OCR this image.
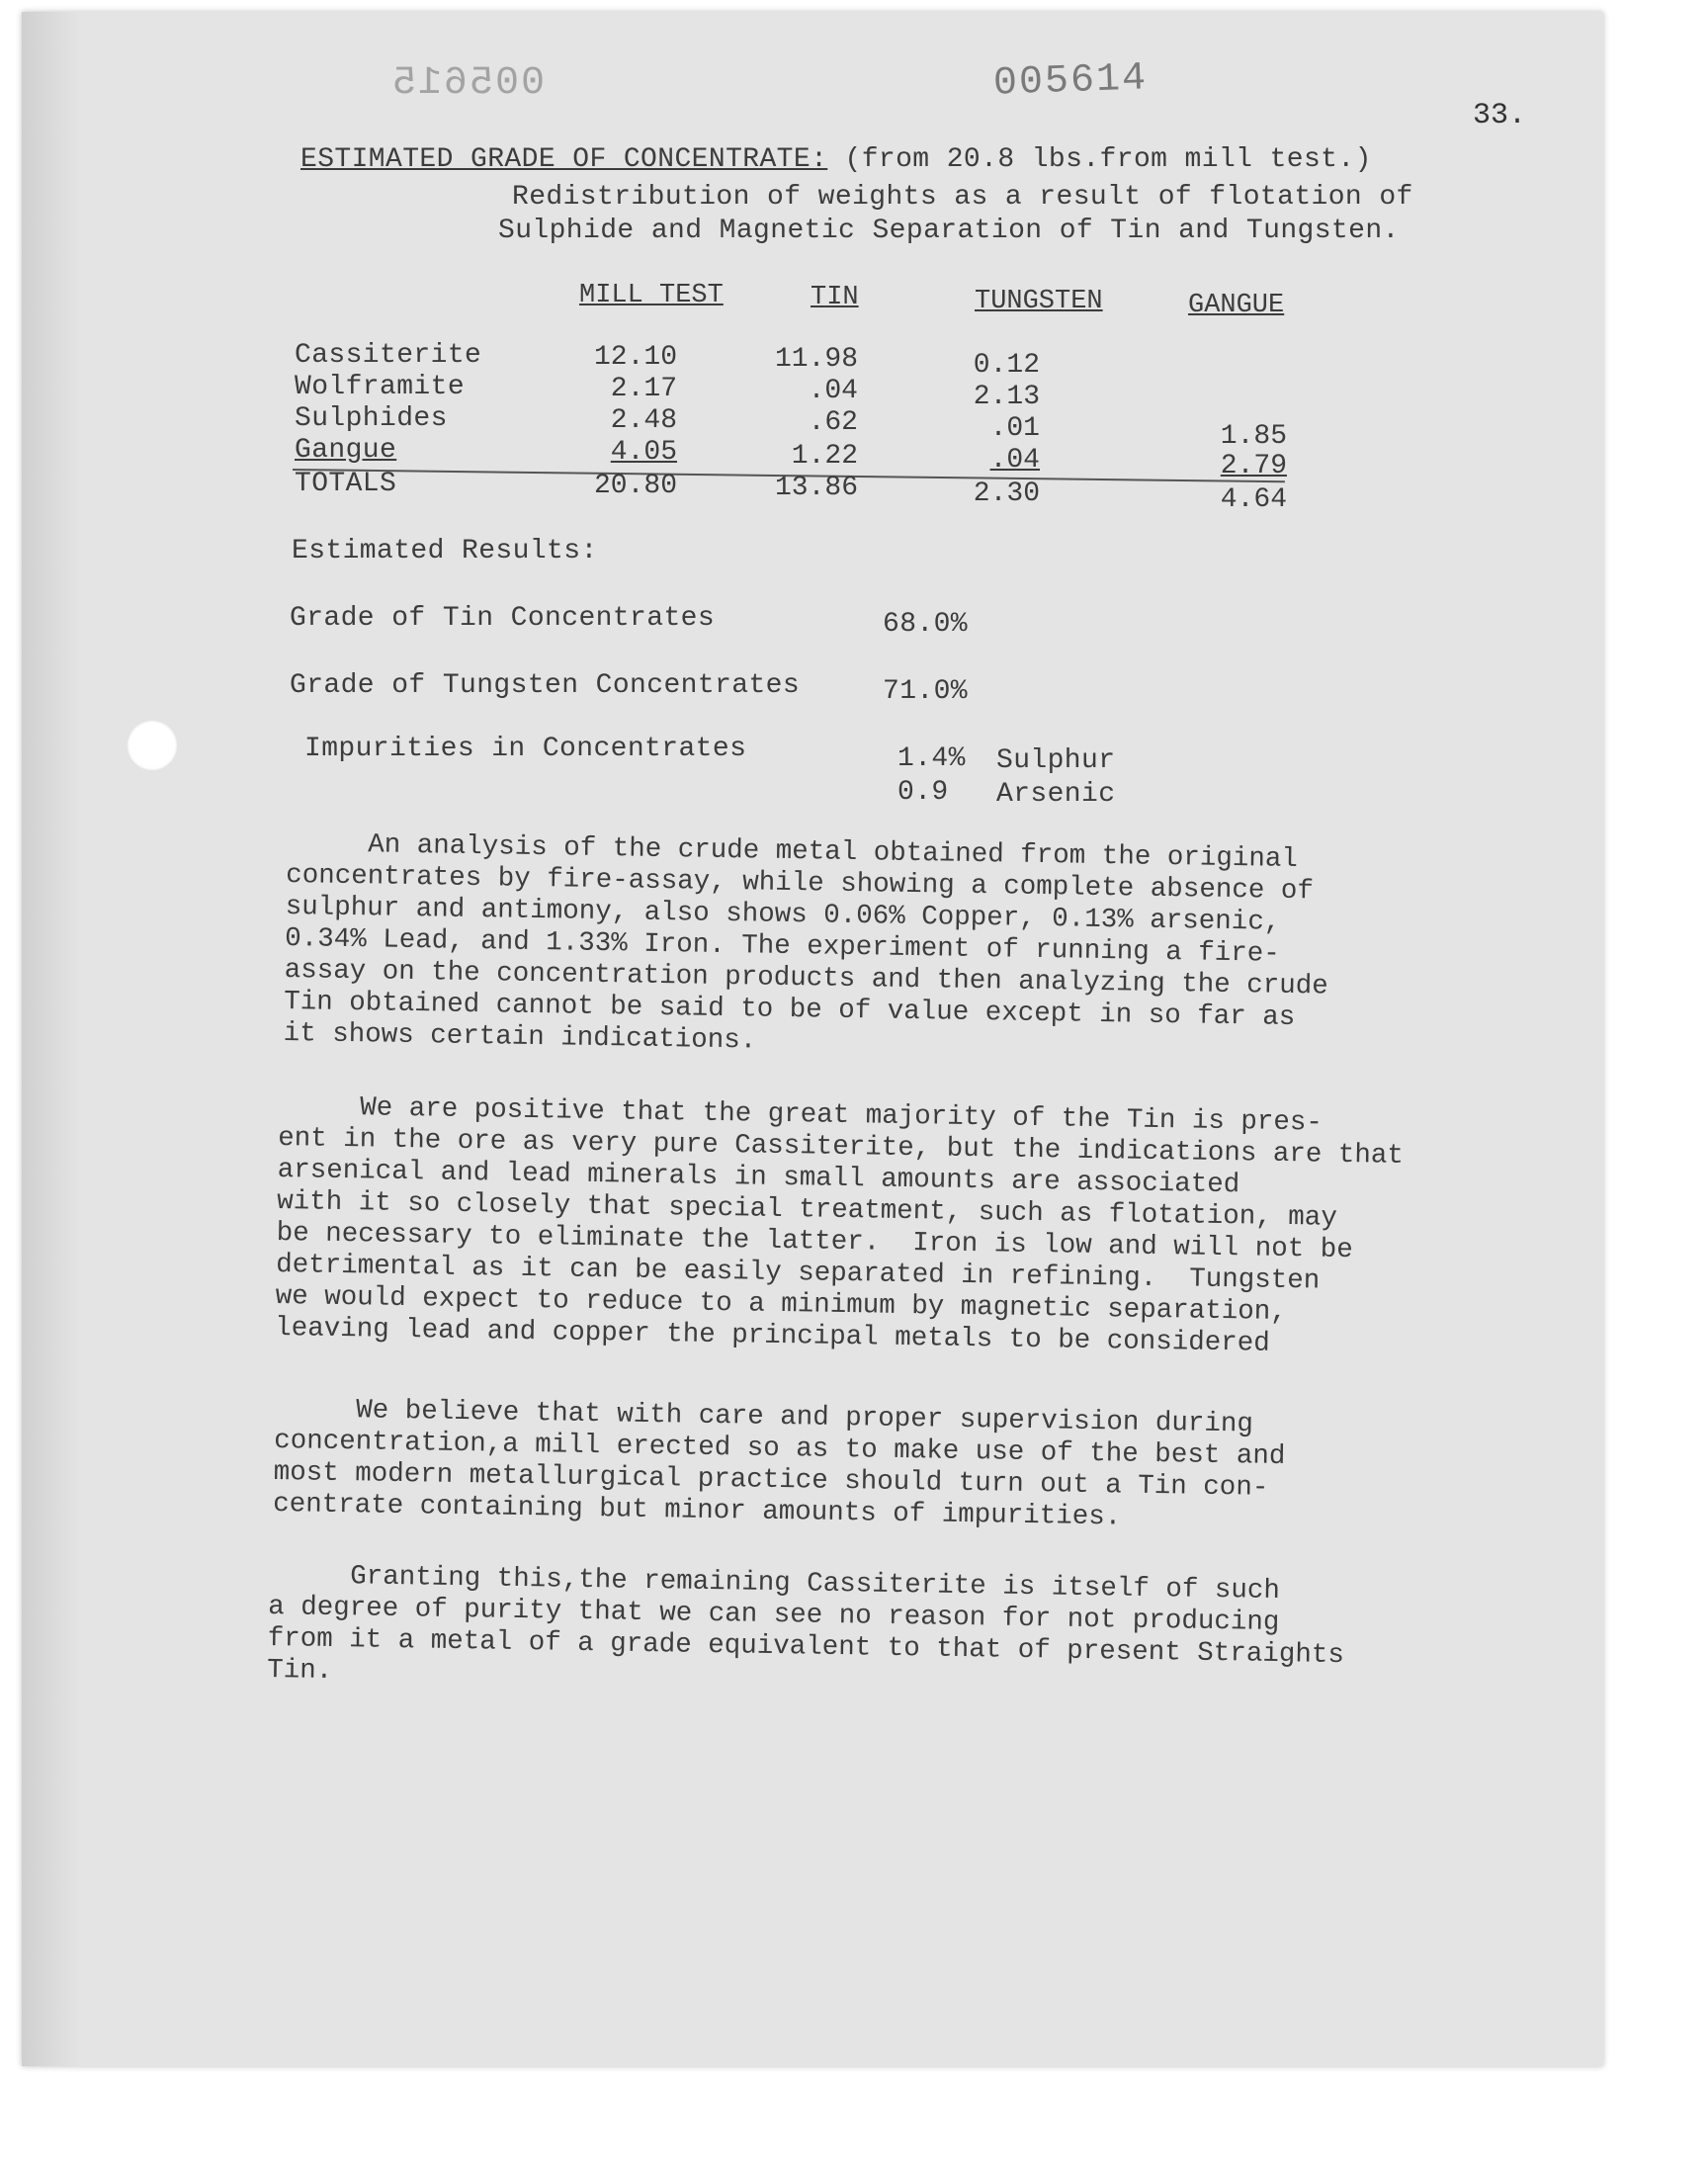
005615	005614
33.
ESTIMATED GRADE OF CONCENTRATE: (from 20.8 lbs.from mill test.)
Redistribution of weights as a result of flotation of
Sulphide and Magnetic Separation of Tin and Tungsten.
MILL TEST	TIN	TUNGSTEN	GANGUE
Cassiterite	12.10	11.98	0.12
Wolframite	2.17	.04	2.13
Sulphides	2.48	.62	.01	1.85
Gangue	4.05	1.22	.04	2.79
TOTALS	20.80	13.86	2.30	4.64
Estimated Results:
Grade of Tin Concentrates	68.0%
Grade of Tungsten Concentrates	71.0%
Impurities in Concentrates	1.4% Sulphur
0.9 Arsenic
An analysis of the crude metal obtained from the original
concentrates by fire-assay, while showing a complete absence of
sulphur and antimony, also shows 0.06% Copper, 0.13% arsenic,
0.34% Lead, and 1.33% Iron. The experiment of running a fire-
assay on the concentration products and then analyzing the crude
Tin obtained cannot be said to be of value except in so far as
it shows certain indications.
We are positive that the great majority of the Tin is pres-
ent in the ore as very pure Cassiterite, but the indications are that
arsenical and lead minerals in small amounts are associated
with it so closely that special treatment, such as flotation, may
be necessary to eliminate the latter.  Iron is low and will not be
detrimental as it can be easily separated in refining.  Tungsten
we would expect to reduce to a minimum by magnetic separation,
leaving lead and copper the principal metals to be considered
We believe that with care and proper supervision during
concentration,a mill erected so as to make use of the best and
most modern metallurgical practice should turn out a Tin con-
centrate containing but minor amounts of impurities.
Granting this,the remaining Cassiterite is itself of such
a degree of purity that we can see no reason for not producing
from it a metal of a grade equivalent to that of present Straights
Tin.
